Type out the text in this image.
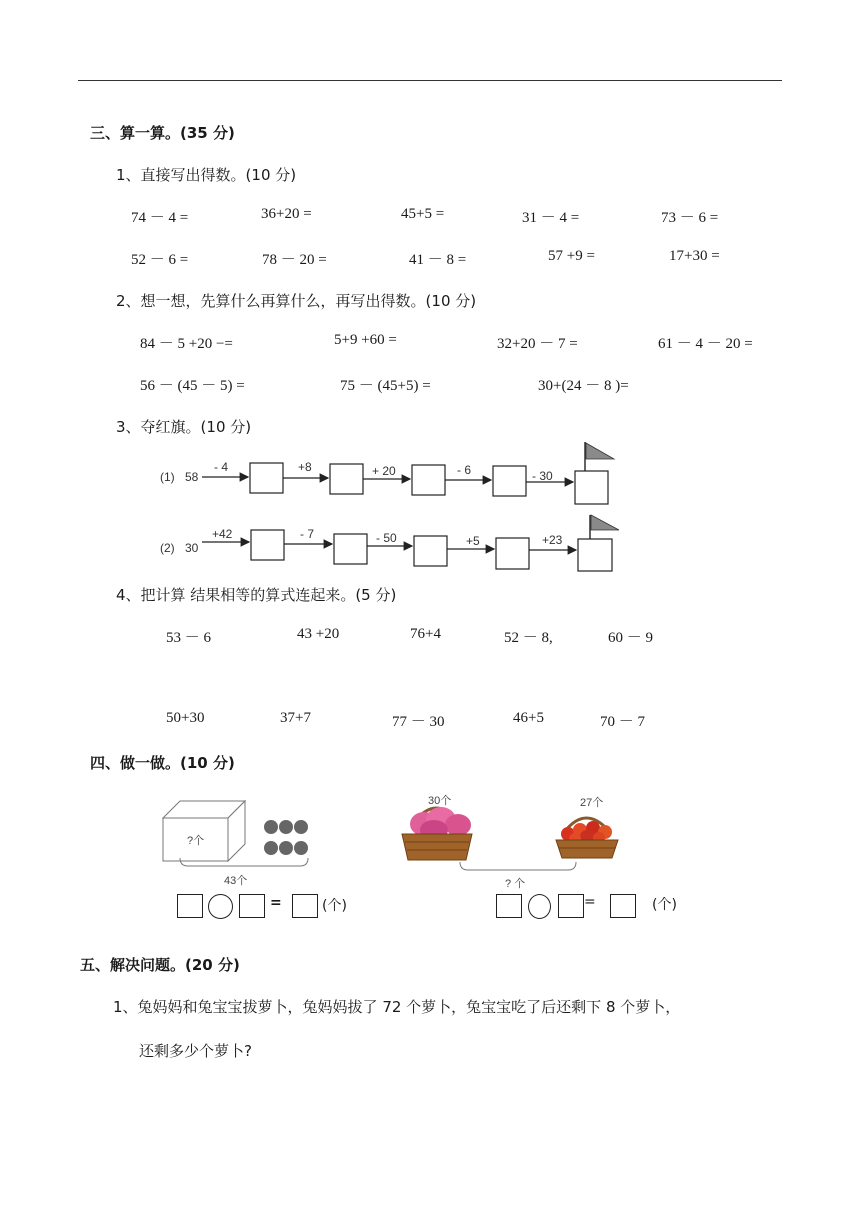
三、算一算。(35 分)
1、直接写出得数。(10 分)
74 － 4 =	36+20 =	45+5 =	31 － 4 =	73 － 6 =
52 － 6 =	78 － 20 =	41 － 8 =	57 +9 =	17+30 =
2、想一想，先算什么再算什么，再写出得数。(10 分)
84 － 5 +20 −=	5+9 +60 =	32+20 － 7 =	61 － 4 － 20 =
56 － (45 － 5) =	75 － (45+5) =	30+(24 － 8 )=
3、夺红旗。(10 分)
(1) 58
- 4	+8	+ 20	- 6	- 30
(2) 30
+42	- 7	- 50	+5	+23
4、把计算 结果相等的算式连起来。(5 分)
53 － 6	43 +20	76+4	52 － 8,	60 － 9
50+30	37+7	77 － 30	46+5	70 － 7
四、做一做。(10 分)
?个
43个
=	(个)
30个	27个
? 个
=	(个)
五、解决问题。(20 分)
1、兔妈妈和兔宝宝拔萝卜，兔妈妈拔了 72 个萝卜，兔宝宝吃了后还剩下 8 个萝卜，
还剩多少个萝卜?
